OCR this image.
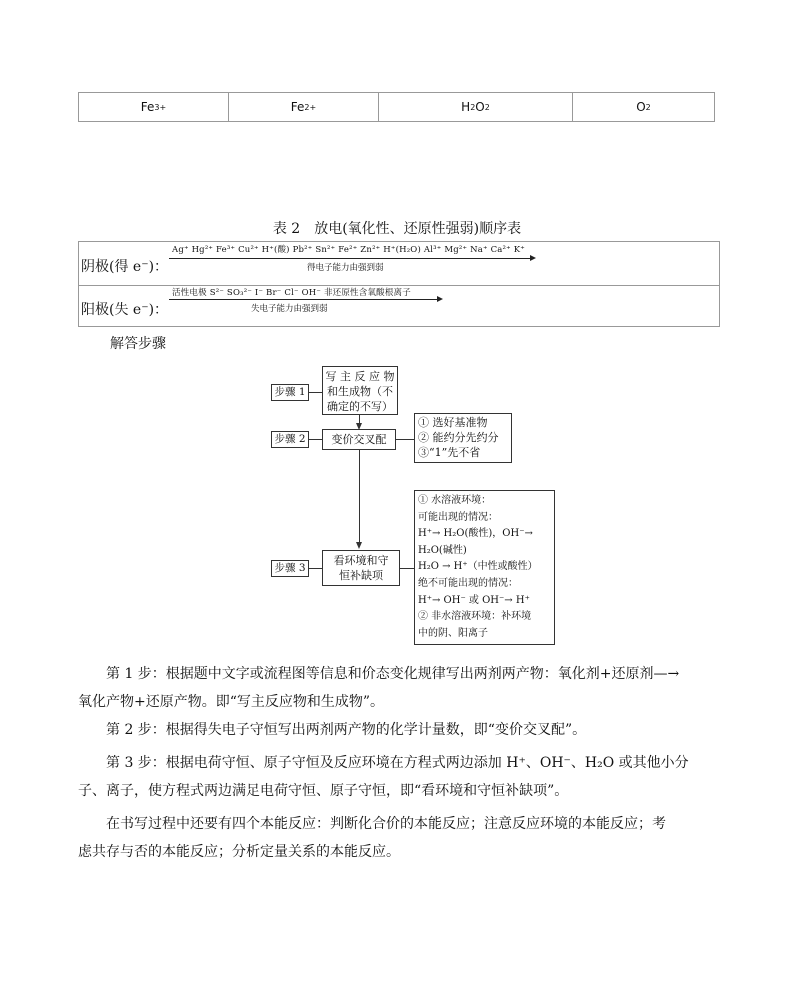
Fe 3+	Fe 2+	H 2 O 2	O 2
表 2　放电(氧化性、还原性强弱)顺序表
阴极(得 e⁻)：
Ag⁺ Hg²⁺ Fe³⁺ Cu²⁺ H⁺(酸) Pb²⁺ Sn²⁺ Fe²⁺ Zn²⁺ H⁺(H₂O) Al³⁺ Mg²⁺ Na⁺ Ca²⁺ K⁺
得电子能力由强到弱
阳极(失 e⁻)：
活性电极 S²⁻ SO₃²⁻ I⁻ Br⁻ Cl⁻ OH⁻ 非还原性含氧酸根离子
失电子能力由强到弱
解答步骤
步骤 1
步骤 2
步骤 3
写 主 反 应 物
和生成物（不
确定的不写）
变价交叉配
① 选好基准物
② 能约分先约分
③“1”先不省
看环境和守
恒补缺项
① 水溶液环境：
可能出现的情况：
H⁺→ H₂O(酸性)，OH⁻→
H₂O(碱性)
H₂O → H⁺（中性或酸性）
绝不可能出现的情况：
H⁺→ OH⁻ 或 OH⁻→ H⁺
② 非水溶液环境：补环境
中的阴、阳离子
第 1 步：根据题中文字或流程图等信息和价态变化规律写出两剂两产物：氧化剂+还原剂—→
氧化产物+还原产物。即“写主反应物和生成物”。
第 2 步：根据得失电子守恒写出两剂两产物的化学计量数，即“变价交叉配”。
第 3 步：根据电荷守恒、原子守恒及反应环境在方程式两边添加 H⁺、OH⁻、H₂O 或其他小分
子、离子，使方程式两边满足电荷守恒、原子守恒，即“看环境和守恒补缺项”。
在书写过程中还要有四个本能反应：判断化合价的本能反应；注意反应环境的本能反应；考
虑共存与否的本能反应；分析定量关系的本能反应。
